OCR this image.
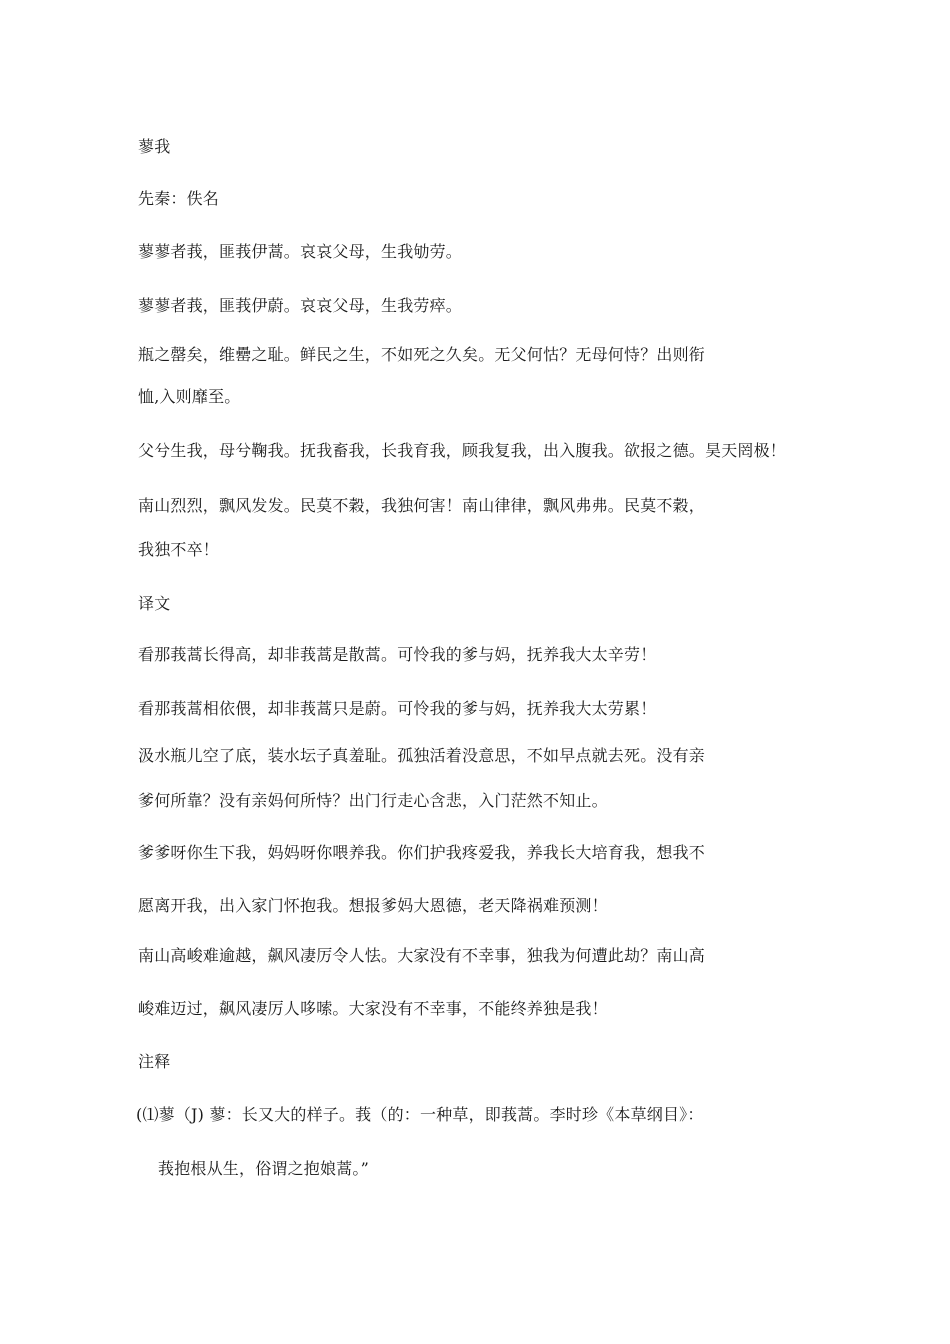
蓼我
先秦：佚名
蓼蓼者莪，匪莪伊蒿。哀哀父母，生我劬劳。
蓼蓼者莪，匪莪伊蔚。哀哀父母，生我劳瘁。
瓶之罄矣，维罍之耻。鲜民之生，不如死之久矣。无父何怙？无母何恃？出则衔
恤,入则靡至。
父兮生我，母兮鞠我。抚我畜我，长我育我，顾我复我，出入腹我。欲报之德。昊天罔极！
南山烈烈，飘风发发。民莫不穀，我独何害！南山律律，飘风弗弗。民莫不穀，
我独不卒！
译文
看那莪蒿长得高，却非莪蒿是散蒿。可怜我的爹与妈，抚养我大太辛劳！
看那莪蒿相依偎，却非莪蒿只是蔚。可怜我的爹与妈，抚养我大太劳累！
汲水瓶儿空了底，装水坛子真羞耻。孤独活着没意思，不如早点就去死。没有亲
爹何所靠？没有亲妈何所恃？出门行走心含悲，入门茫然不知止。
爹爹呀你生下我，妈妈呀你喂养我。你们护我疼爱我，养我长大培育我，想我不
愿离开我，出入家门怀抱我。想报爹妈大恩德，老天降祸难预测！
南山高峻难逾越，飙风凄厉令人怯。大家没有不幸事，独我为何遭此劫？南山高
峻难迈过，飙风凄厉人哆嗦。大家没有不幸事，不能终养独是我！
注释
(⑴蓼（J) 蓼：长又大的样子。莪（的：一种草，即莪蒿。李时珍《本草纲目》：
莪抱根从生，俗谓之抱娘蒿。”
